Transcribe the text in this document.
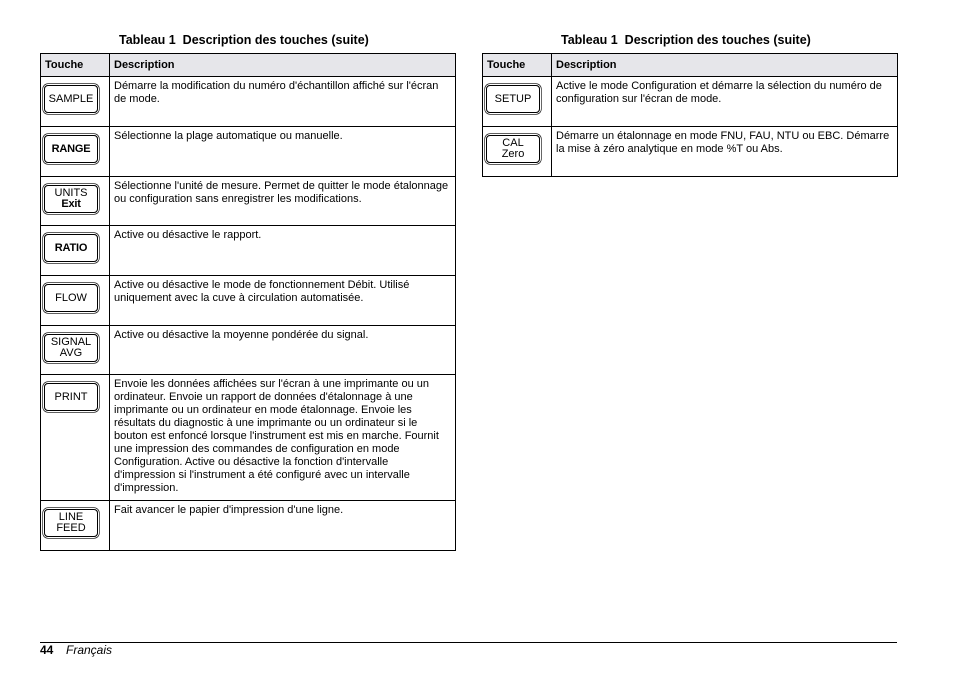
Tableau 1  Description des touches (suite)
Touche	Description

SAMPLE	Démarre la modification du numéro d'échantillon affiché sur l'écran de mode.

RANGE	Sélectionne la plage automatique ou manuelle.

UNITS
Exit	Sélectionne l'unité de mesure. Permet de quitter le mode étalonnage ou configuration sans enregistrer les modifications.

RATIO	Active ou désactive le rapport.

FLOW	Active ou désactive le mode de fonctionnement Débit. Utilisé uniquement avec la cuve à circulation automatisée.

SIGNAL
AVG	Active ou désactive la moyenne pondérée du signal.

PRINT	Envoie les données affichées sur l'écran à une imprimante ou un ordinateur. Envoie un rapport de données d'étalonnage à une imprimante ou un ordinateur en mode étalonnage. Envoie les résultats du diagnostic à une imprimante ou un ordinateur si le bouton est enfoncé lorsque l'instrument est mis en marche. Fournit une impression des commandes de configuration en mode Configuration. Active ou désactive la fonction d'intervalle d'impression si l'instrument a été configuré avec un intervalle d'impression.

LINE
FEED	Fait avancer le papier d'impression d'une ligne.
Tableau 1  Description des touches (suite)
Touche	Description

SETUP	Active le mode Configuration et démarre la sélection du numéro de configuration sur l'écran de mode.

CAL
Zero	Démarre un étalonnage en mode FNU, FAU, NTU ou EBC. Démarre la mise à zéro analytique en mode %T ou Abs.
44 Français
